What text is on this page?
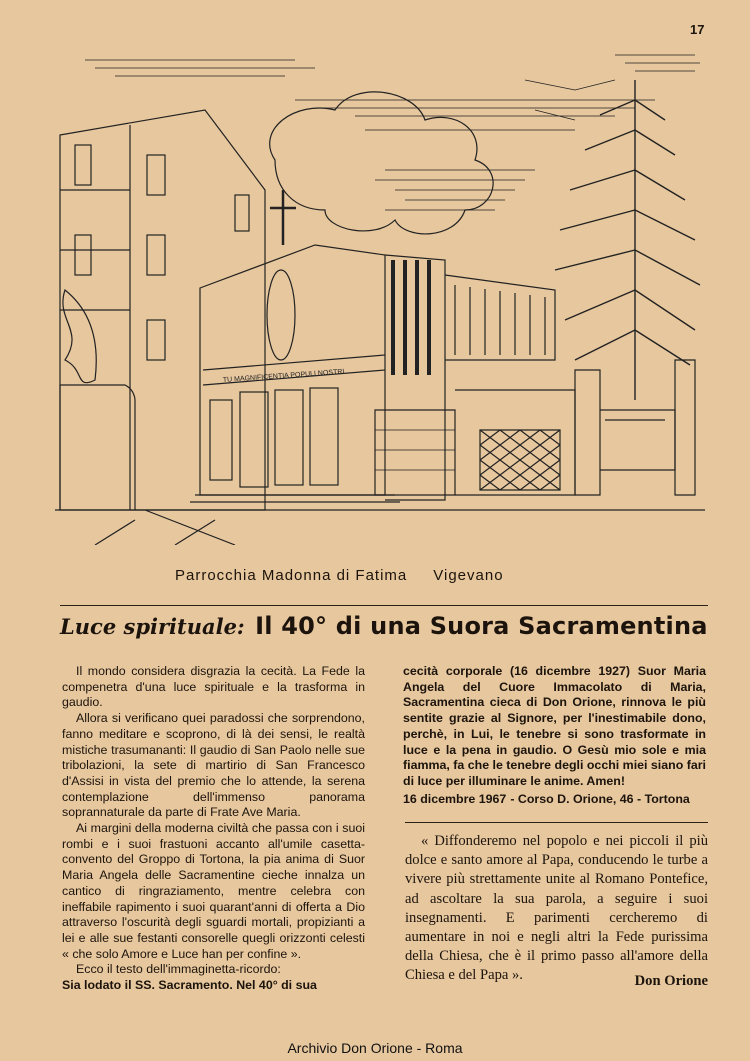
17
TU MAGNIFICENTIA POPULI NOSTRI
Parrocchia Madonna di Fatima Vigevano
Luce spirituale: Il 40° di una Suora Sacramentina

Il mondo considera disgrazia la cecità. La Fede la compenetra d'una luce spirituale e la trasforma in gaudio.

Allora si verificano quei paradossi che sorprendono, fanno meditare e scoprono, di là dei sensi, le realtà mistiche trasumananti: Il gaudio di San Paolo nelle sue tribolazioni, la sete di martirio di San Francesco d'Assisi in vista del premio che lo attende, la serena contemplazione dell'immenso panorama soprannaturale da parte di Frate Ave Maria.

Ai margini della moderna civiltà che passa con i suoi rombi e i suoi frastuoni accanto all'umile casetta-convento del Groppo di Tortona, la pia anima di Suor Maria Angela delle Sacramentine cieche innalza un cantico di ringraziamento, mentre celebra con ineffabile rapimento i suoi quarant'anni di offerta a Dio attraverso l'oscurità degli sguardi mortali, propizianti a lei e alle sue festanti consorelle quegli orizzonti celesti « che solo Amore e Luce han per confine ».

Ecco il testo dell'immaginetta-ricordo:

Sia lodato il SS. Sacramento. Nel 40° di sua

cecità corporale (16 dicembre 1927) Suor Maria Angela del Cuore Immacolato di Maria, Sacramentina cieca di Don Orione, rinnova le più sentite grazie al Signore, per l'inestimabile dono, perchè, in Lui, le tenebre si sono trasformate in luce e la pena in gaudio. O Gesù mio sole e mia fiamma, fa che le tenebre degli occhi miei siano fari di luce per illuminare le anime. Amen!

16 dicembre 1967 - Corso D. Orione, 46 - Tortona

« Diffonderemo nel popolo e nei piccoli il più dolce e santo amore al Papa, conducendo le turbe a vivere più strettamente unite al Romano Pontefice, ad ascoltare la sua parola, a seguire i suoi insegnamenti. E parimenti cercheremo di aumentare in noi e negli altri la Fede purissima della Chiesa, che è il primo passo all'amore della Chiesa e del Papa ».	Don Orione
Archivio Don Orione - Roma
